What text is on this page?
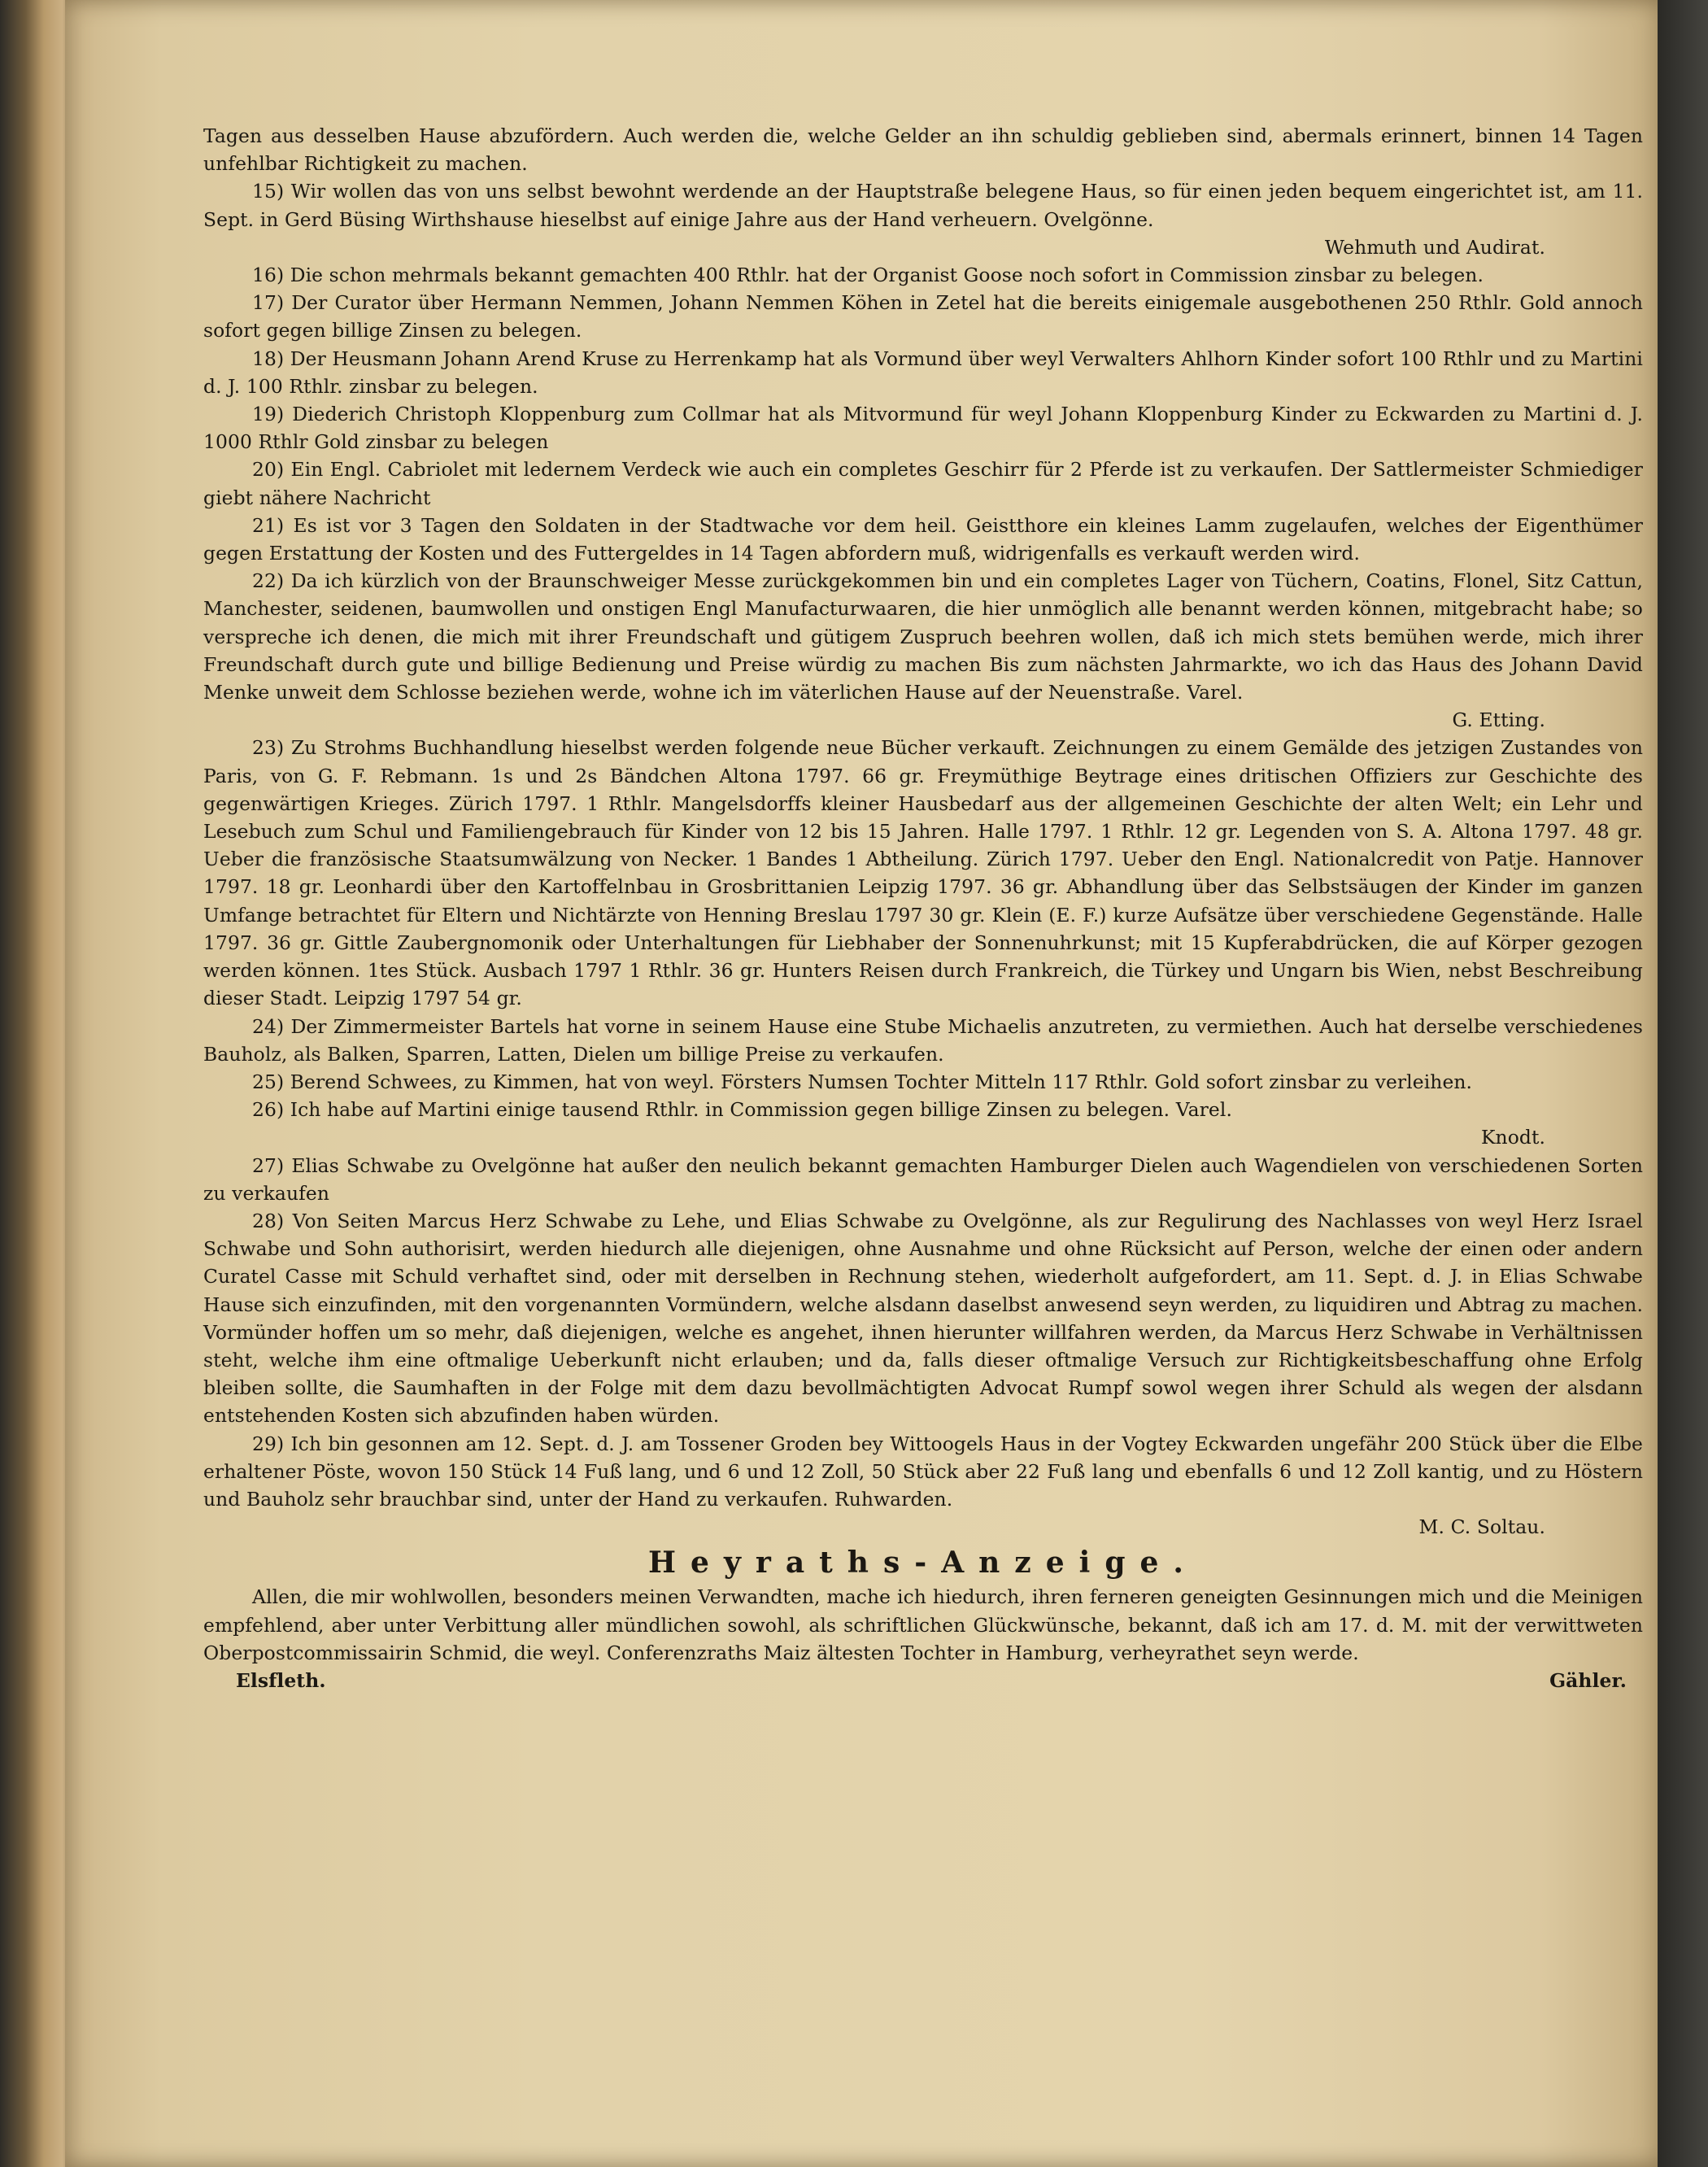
Tagen aus desselben Hause abzufördern. Auch werden die, welche Gelder an ihn schuldig geblieben sind, abermals erinnert, binnen 14 Tagen unfehlbar Richtigkeit zu machen.

15) Wir wollen das von uns selbst bewohnt werdende an der Hauptstraße belegene Haus, so für einen jeden bequem eingerichtet ist, am 11. Sept. in Gerd Büsing Wirthshause hieselbst auf einige Jahre aus der Hand verheuern. Ovelgönne.

Wehmuth und Audirat.

16) Die schon mehrmals bekannt gemachten 400 Rthlr. hat der Organist Goose noch sofort in Commission zinsbar zu belegen.

17) Der Curator über Hermann Nemmen, Johann Nemmen Köhen in Zetel hat die bereits einigemale ausgebothenen 250 Rthlr. Gold annoch sofort gegen billige Zinsen zu belegen.

18) Der Heusmann Johann Arend Kruse zu Herrenkamp hat als Vormund über weyl Verwalters Ahlhorn Kinder sofort 100 Rthlr und zu Martini d. J. 100 Rthlr. zinsbar zu belegen.

19) Diederich Christoph Kloppenburg zum Collmar hat als Mitvormund für weyl Johann Kloppenburg Kinder zu Eckwarden zu Martini d. J. 1000 Rthlr Gold zinsbar zu belegen

20) Ein Engl. Cabriolet mit ledernem Verdeck wie auch ein completes Geschirr für 2 Pferde ist zu verkaufen. Der Sattlermeister Schmiediger giebt nähere Nachricht

21) Es ist vor 3 Tagen den Soldaten in der Stadtwache vor dem heil. Geistthore ein kleines Lamm zugelaufen, welches der Eigenthümer gegen Erstattung der Kosten und des Futtergeldes in 14 Tagen abfordern muß, widrigenfalls es verkauft werden wird.

22) Da ich kürzlich von der Braunschweiger Messe zurückgekommen bin und ein completes Lager von Tüchern, Coatins, Flonel, Sitz Cattun, Manchester, seidenen, baumwollen und onstigen Engl Manufacturwaaren, die hier unmöglich alle benannt werden können, mitgebracht habe; so verspreche ich denen, die mich mit ihrer Freundschaft und gütigem Zuspruch beehren wollen, daß ich mich stets bemühen werde, mich ihrer Freundschaft durch gute und billige Bedienung und Preise würdig zu machen Bis zum nächsten Jahrmarkte, wo ich das Haus des Johann David Menke unweit dem Schlosse beziehen werde, wohne ich im väterlichen Hause auf der Neuenstraße. Varel.

G. Etting.

23) Zu Strohms Buchhandlung hieselbst werden folgende neue Bücher verkauft. Zeichnungen zu einem Gemälde des jetzigen Zustandes von Paris, von G. F. Rebmann. 1s und 2s Bändchen Altona 1797. 66 gr. Freymüthige Beytrage eines dritischen Offiziers zur Geschichte des gegenwärtigen Krieges. Zürich 1797. 1 Rthlr. Mangelsdorffs kleiner Hausbedarf aus der allgemeinen Geschichte der alten Welt; ein Lehr und Lesebuch zum Schul und Familiengebrauch für Kinder von 12 bis 15 Jahren. Halle 1797. 1 Rthlr. 12 gr. Legenden von S. A. Altona 1797. 48 gr. Ueber die französische Staatsumwälzung von Necker. 1 Bandes 1 Abtheilung. Zürich 1797. Ueber den Engl. Nationalcredit von Patje. Hannover 1797. 18 gr. Leonhardi über den Kartoffelnbau in Grosbrittanien Leipzig 1797. 36 gr. Abhandlung über das Selbstsäugen der Kinder im ganzen Umfange betrachtet für Eltern und Nichtärzte von Henning Breslau 1797 30 gr. Klein (E. F.) kurze Aufsätze über verschiedene Gegenstände. Halle 1797. 36 gr. Gittle Zaubergnomonik oder Unterhaltungen für Liebhaber der Sonnenuhrkunst; mit 15 Kupferabdrücken, die auf Körper gezogen werden können. 1tes Stück. Ausbach 1797 1 Rthlr. 36 gr. Hunters Reisen durch Frankreich, die Türkey und Ungarn bis Wien, nebst Beschreibung dieser Stadt. Leipzig 1797 54 gr.

24) Der Zimmermeister Bartels hat vorne in seinem Hause eine Stube Michaelis anzutreten, zu vermiethen. Auch hat derselbe verschiedenes Bauholz, als Balken, Sparren, Latten, Dielen um billige Preise zu verkaufen.

25) Berend Schwees, zu Kimmen, hat von weyl. Försters Numsen Tochter Mitteln 117 Rthlr. Gold sofort zinsbar zu verleihen.

26) Ich habe auf Martini einige tausend Rthlr. in Commission gegen billige Zinsen zu belegen. Varel.

Knodt.

27) Elias Schwabe zu Ovelgönne hat außer den neulich bekannt gemachten Hamburger Dielen auch Wagendielen von verschiedenen Sorten zu verkaufen

28) Von Seiten Marcus Herz Schwabe zu Lehe, und Elias Schwabe zu Ovelgönne, als zur Regulirung des Nachlasses von weyl Herz Israel Schwabe und Sohn authorisirt, werden hiedurch alle diejenigen, ohne Ausnahme und ohne Rücksicht auf Person, welche der einen oder andern Curatel Casse mit Schuld verhaftet sind, oder mit derselben in Rechnung stehen, wiederholt aufgefordert, am 11. Sept. d. J. in Elias Schwabe Hause sich einzufinden, mit den vorgenannten Vormündern, welche alsdann daselbst anwesend seyn werden, zu liquidiren und Abtrag zu machen. Vormünder hoffen um so mehr, daß diejenigen, welche es angehet, ihnen hierunter willfahren werden, da Marcus Herz Schwabe in Verhältnissen steht, welche ihm eine oftmalige Ueberkunft nicht erlauben; und da, falls dieser oftmalige Versuch zur Richtigkeitsbeschaffung ohne Erfolg bleiben sollte, die Saumhaften in der Folge mit dem dazu bevollmächtigten Advocat Rumpf sowol wegen ihrer Schuld als wegen der alsdann entstehenden Kosten sich abzufinden haben würden.

29) Ich bin gesonnen am 12. Sept. d. J. am Tossener Groden bey Wittoogels Haus in der Vogtey Eckwarden ungefähr 200 Stück über die Elbe erhaltener Pöste, wovon 150 Stück 14 Fuß lang, und 6 und 12 Zoll, 50 Stück aber 22 Fuß lang und ebenfalls 6 und 12 Zoll kantig, und zu Höstern und Bauholz sehr brauchbar sind, unter der Hand zu verkaufen. Ruhwarden.

M. C. Soltau.
Heyraths-Anzeige.

Allen, die mir wohlwollen, besonders meinen Verwandten, mache ich hiedurch, ihren ferneren geneigten Gesinnungen mich und die Meinigen empfehlend, aber unter Verbittung aller mündlichen sowohl, als schriftlichen Glückwünsche, bekannt, daß ich am 17. d. M. mit der verwittweten Oberpostcommissairin Schmid, die weyl. Conferenzraths Maiz ältesten Tochter in Hamburg, verheyrathet seyn werde.

Elsfleth.	Gähler.
